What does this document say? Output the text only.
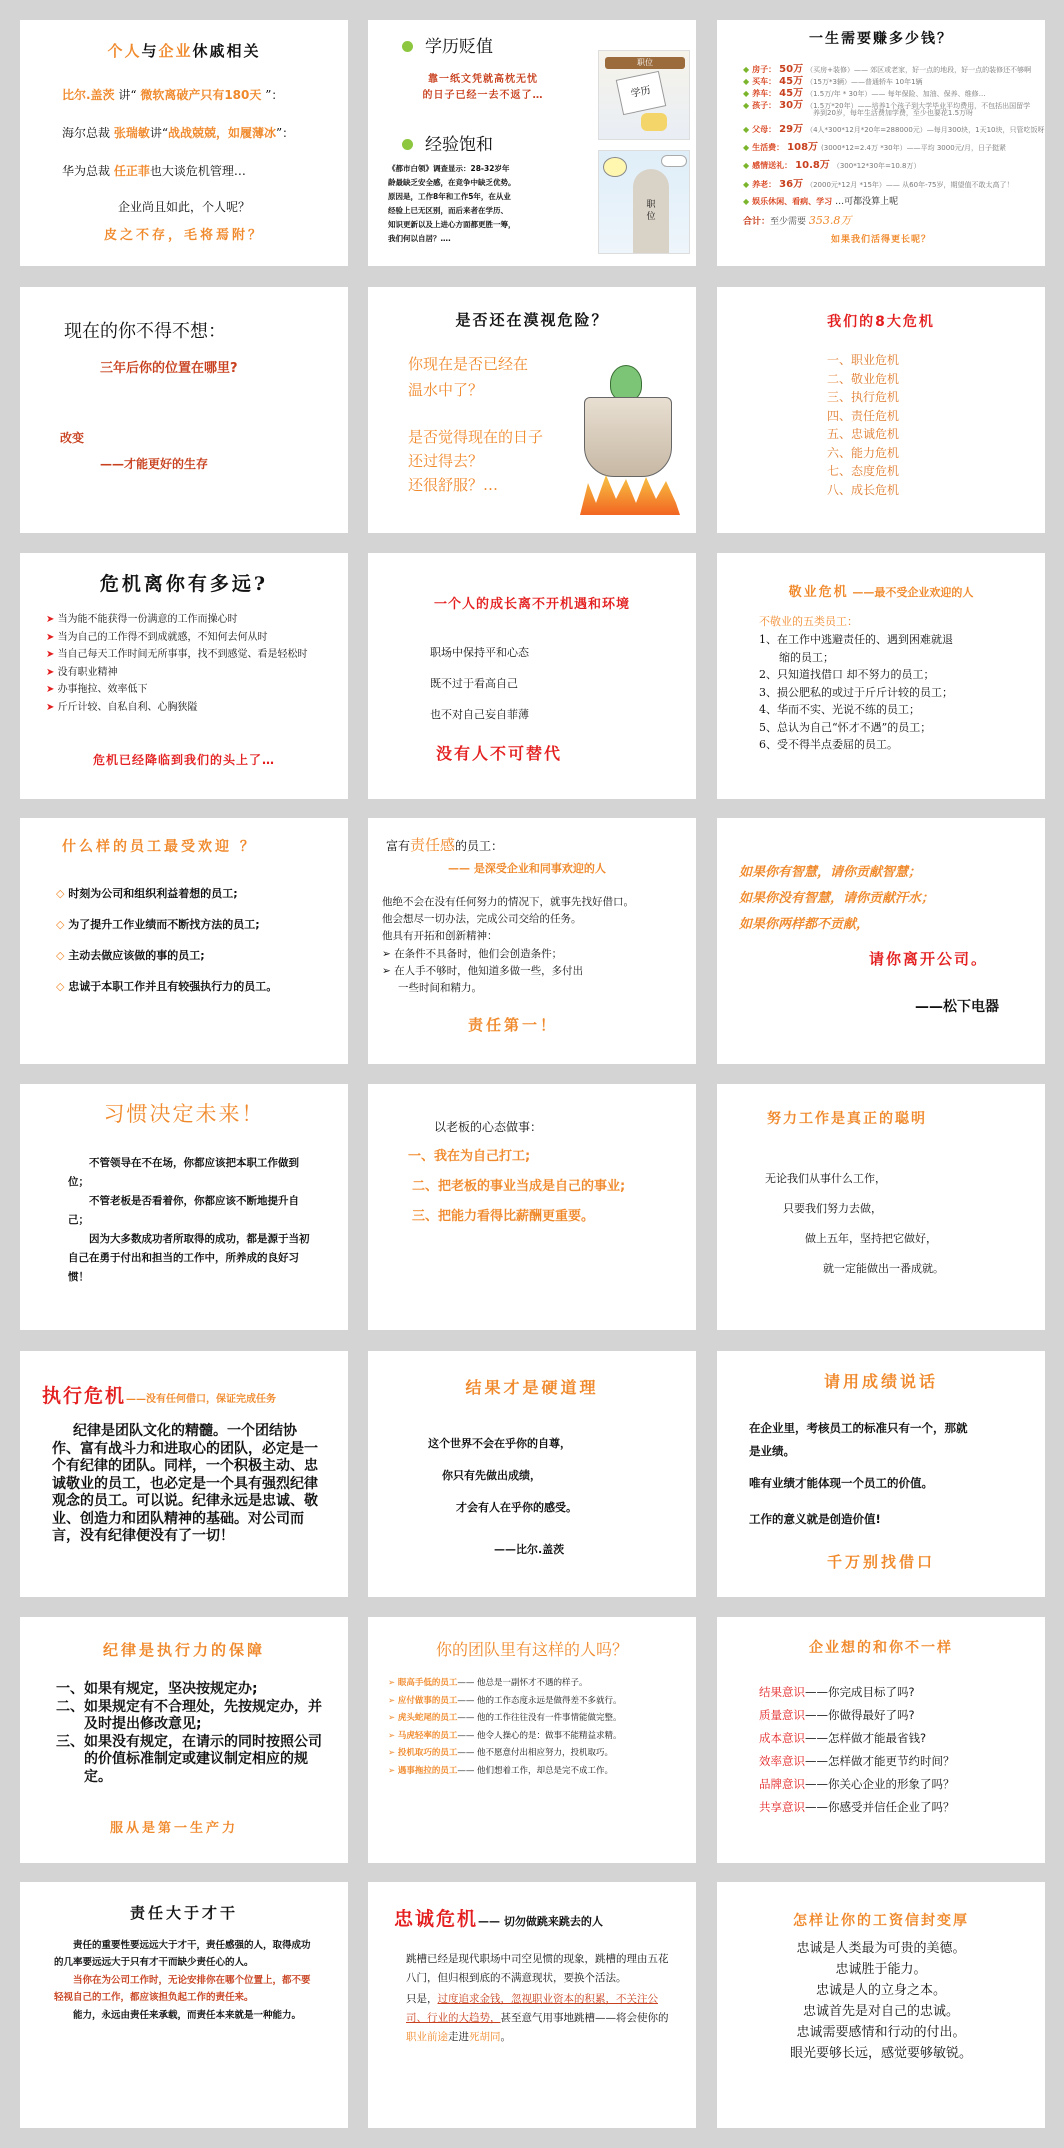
个人与企业休戚相关
比尔.盖茨 讲“ 微软离破产只有180天 ”：
海尔总裁 张瑞敏讲“战战兢兢，如履薄冰”：
华为总裁 任正菲也大谈危机管理…
企业尚且如此，个人呢？
皮之不存，毛将焉附？
学历贬值
靠一纸文凭就高枕无忧
的日子已经一去不返了…
经验饱和
《都市白领》调查显示：28-32岁年
龄最缺乏安全感，在竞争中缺乏优势。
原因是，工作8年和工作5年，在从业
经验上已无区别，而后来者在学历、
知识更新以及上进心方面都更胜一筹，
我们何以自居？….
职位
学历
职
位
一生需要赚多少钱？
◆ 房子： 50万 （买房+装修）—— 郊区或老家，好一点的地段，好一点的装修还不够啊
◆ 买车： 45万 （15万*3辆）——普通轿车 10年1辆
◆ 养车： 45万 （1.5万/年 * 30年）—— 每年保险、加油、保养、维修…
◆ 孩子： 30万 （1.5万*20年）——培养1个孩子到大学毕业平均费用，不包括出国留学
养到20岁，每年生活费加学费，至少也要花1.5万呀
◆ 父母： 29万 （4人*300*12月*20年=288000元）—每月300块，1天10块，只管吃饭呀
◆ 生活费： 108万 (3000*12=2.4万 *30年）——平均 3000元/月，日子挺紧
◆ 感情送礼： 10.8万 （300*12*30年=10.8万）
◆ 养老： 36万 （2000元*12月 *15年）—— 从60年-75岁，期望值不敢太高了！
◆ 娱乐休闲、看病、学习 …可都没算上呢
合计：至少需要 353.8万
如果我们活得更长呢？
现在的你不得不想：
三年后你的位置在哪里?
改变
——才能更好的生存
是否还在漠视危险？
你现在是否已经在
温水中了？
是否觉得现在的日子
还过得去？
还很舒服？…
我们的8大危机
一、职业危机
二、敬业危机
三、执行危机
四、责任危机
五、忠诚危机
六、能力危机
七、态度危机
八、成长危机
危机离你有多远?
➤ 当为能不能获得一份满意的工作而操心时
➤ 当为自己的工作得不到成就感，不知何去何从时
➤ 当自己每天工作时间无所事事，找不到感觉、看是轻松时
➤ 没有职业精神
➤ 办事拖拉、效率低下
➤ 斤斤计较、自私自利、心胸狭隘
危机已经降临到我们的头上了…
一个人的成长离不开机遇和环境
职场中保持平和心态
既不过于看高自己
也不对自己妄自菲薄
没有人不可替代
敬业危机 ——最不受企业欢迎的人
不敬业的五类员工：
1、在工作中逃避责任的、遇到困难就退
缩的员工；
2、只知道找借口 却不努力的员工；
3、损公肥私的或过于斤斤计较的员工；
4、华而不实、光说不练的员工；
5、总认为自己“怀才不遇”的员工；
6、受不得半点委屈的员工。
什么样的员工最受欢迎 ？
◇ 时刻为公司和组织利益着想的员工;
◇ 为了提升工作业绩而不断找方法的员工;
◇ 主动去做应该做的事的员工;
◇ 忠诚于本职工作并且有较强执行力的员工。
富有责任感的员工：
—— 是深受企业和同事欢迎的人
他绝不会在没有任何努力的情况下，就事先找好借口。
他会想尽一切办法，完成公司交给的任务。
他具有开拓和创新精神：
➢ 在条件不具备时，他们会创造条件；
➢ 在人手不够时，他知道多做一些，多付出一些时间和精力。
责任第一！
如果你有智慧，请你贡献智慧；
如果你没有智慧，请你贡献汗水；
如果你两样都不贡献，
请你离开公司。
——松下电器
习惯决定未来！

不管领导在不在场，你都应该把本职工作做到位；

不管老板是否看着你，你都应该不断地提升自己；

因为大多数成功者所取得的成功，都是源于当初自己在勇于付出和担当的工作中，所养成的良好习惯！

以老板的心态做事：
一、我在为自己打工;
二、把老板的事业当成是自己的事业;
三、把能力看得比薪酬更重要。
努力工作是真正的聪明
无论我们从事什么工作，
只要我们努力去做，
做上五年，坚持把它做好，
就一定能做出一番成就。
执行危机——没有任何借口，保证完成任务
纪律是团队文化的精髓。一个团结协作、富有战斗力和进取心的团队，必定是一个有纪律的团队。同样，一个积极主动、忠诚敬业的员工，也必定是一个具有强烈纪律观念的员工。可以说。纪律永远是忠诚、敬业、创造力和团队精神的基础。对公司而言，没有纪律便没有了一切！
结果才是硬道理
这个世界不会在乎你的自尊，
你只有先做出成绩，
才会有人在乎你的感受。
——比尔.盖茨
请用成绩说话
在企业里，考核员工的标准只有一个，那就是业绩。
唯有业绩才能体现一个员工的价值。
工作的意义就是创造价值!
千万别找借口
纪律是执行力的保障
一、 如果有规定，坚决按规定办;
二、 如果规定有不合理处，先按规定办，并及时提出修改意见;
三、 如果没有规定，在请示的同时按照公司的价值标准制定或建议制定相应的规定。
服从是第一生产力
你的团队里有这样的人吗？
➢ 眼高手低的员工—— 他总是一副怀才不遇的样子。
➢ 应付做事的员工—— 他的工作态度永远是做得差不多就行。
➢ 虎头蛇尾的员工—— 他的工作往往没有一件事情能做完整。
➢ 马虎轻率的员工—— 他令人操心的是：做事不能精益求精。
➢ 投机取巧的员工—— 他不愿意付出相应努力，投机取巧。
➢ 遇事拖拉的员工—— 他们想着工作，却总是完不成工作。
企业想的和你不一样
结果意识——你完成目标了吗?
质量意识——你做得最好了吗?
成本意识——怎样做才能最省钱?
效率意识——怎样做才能更节约时间？
品牌意识——你关心企业的形象了吗？
共享意识——你感受并信任企业了吗？
责任大于才干

责任的重要性要远远大于才干，责任感强的人，取得成功的几率要远远大于只有才干而缺少责任心的人。

当你在为公司工作时，无论安排你在哪个位置上，都不要轻视自己的工作，都应该担负起工作的责任来。

能力，永远由责任来承载，而责任本来就是一种能力。

忠诚危机—— 切勿做跳来跳去的人

跳槽已经是现代职场中司空见惯的现象，跳槽的理由五花八门，但归根到底的不满意现状，要换个活法。

只是，过度追求金钱，忽视职业资本的积累，不关注公司、行业的大趋势，甚至意气用事地跳槽——将会使你的职业前途走进死胡同。

怎样让你的工资信封变厚
忠诚是人类最为可贵的美德。
忠诚胜于能力。
忠诚是人的立身之本。
忠诚首先是对自己的忠诚。
忠诚需要感情和行动的付出。
眼光要够长远，感觉要够敏锐。
